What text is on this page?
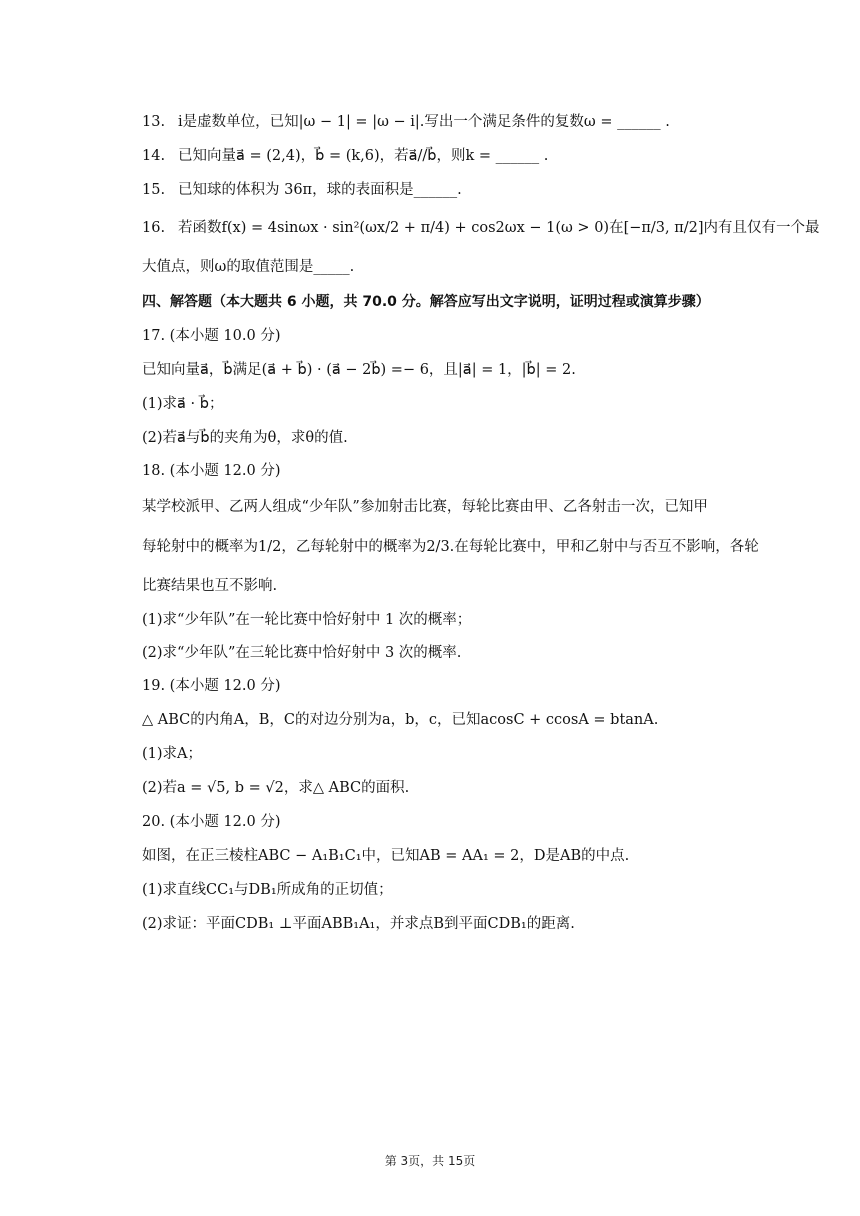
13. i是虚数单位，已知|ω − 1| = |ω − i|.写出一个满足条件的复数ω = ______ .
14. 已知向量a⃗ = (2,4)，b⃗ = (k,6)，若a⃗//b⃗，则k = ______ .
15. 已知球的体积为 36π，球的表面积是______.
16. 若函数f(x) = 4sinωx · sin²(ωx/2 + π/4) + cos2ωx − 1(ω > 0)在[−π/3, π/2]内有且仅有一个最
大值点，则ω的取值范围是_____.
四、解答题（本大题共 6 小题，共 70.0 分。解答应写出文字说明，证明过程或演算步骤）
17. (本小题 10.0 分)
已知向量a⃗，b⃗满足(a⃗ + b⃗) · (a⃗ − 2b⃗) =− 6，且|a⃗| = 1，|b⃗| = 2.
(1)求a⃗ · b⃗；
(2)若a⃗与b⃗的夹角为θ，求θ的值.
18. (本小题 12.0 分)
某学校派甲、乙两人组成“少年队”参加射击比赛，每轮比赛由甲、乙各射击一次，已知甲
每轮射中的概率为1/2，乙每轮射中的概率为2/3.在每轮比赛中，甲和乙射中与否互不影响，各轮
比赛结果也互不影响.
(1)求“少年队”在一轮比赛中恰好射中 1 次的概率；
(2)求“少年队”在三轮比赛中恰好射中 3 次的概率.
19. (本小题 12.0 分)
△ ABC的内角A，B，C的对边分别为a，b，c，已知acosC + ccosA = btanA.
(1)求A；
(2)若a = √5, b = √2，求△ ABC的面积.
20. (本小题 12.0 分)
如图，在正三棱柱ABC − A₁B₁C₁中，已知AB = AA₁ = 2，D是AB的中点.
(1)求直线CC₁与DB₁所成角的正切值；
(2)求证：平面CDB₁ ⊥平面ABB₁A₁，并求点B到平面CDB₁的距离.
第 3页，共 15页
